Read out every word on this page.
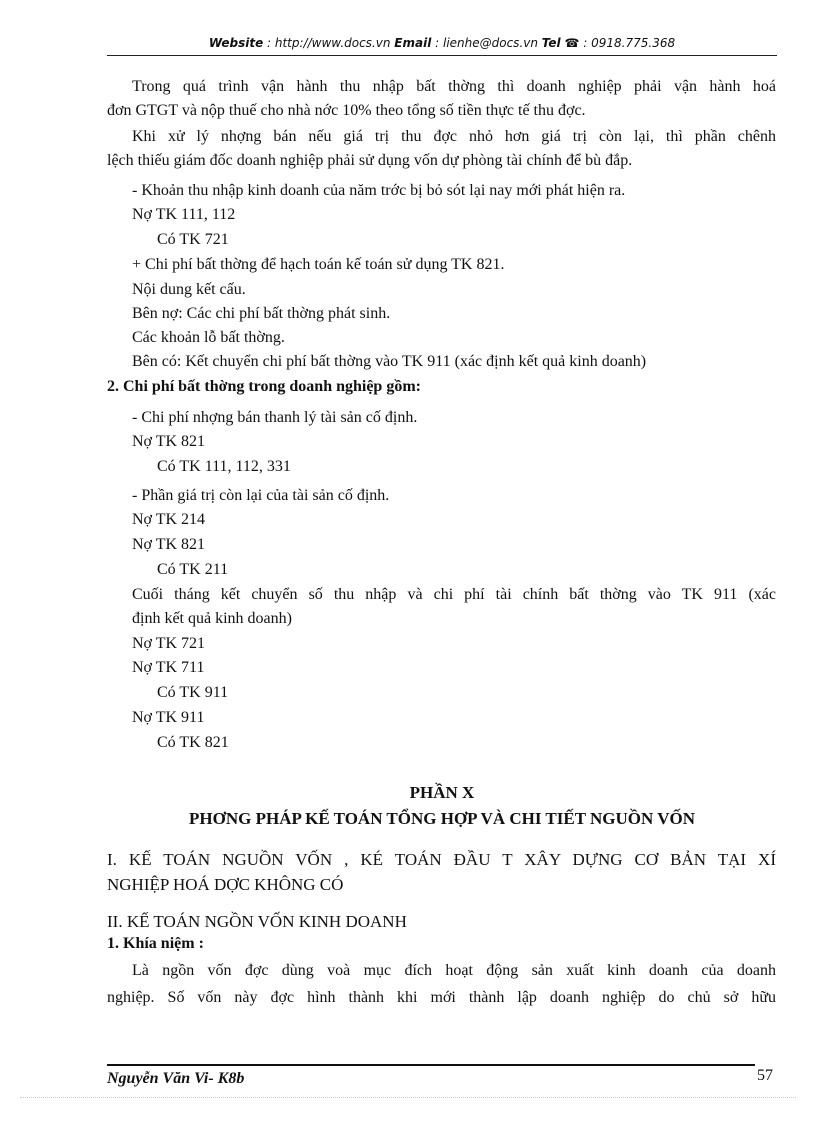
Website : http://www.docs.vn Email : lienhe@docs.vn Tel ☎ : 0918.775.368
Trong quá trình vận hành thu nhập bất thờng thì doanh nghiệp phải vận hành hoá
đơn GTGT và nộp thuế cho nhà nớc 10% theo tổng số tiền thực tế thu đợc.
Khi xử lý nhợng bán nếu giá trị thu đợc nhỏ hơn giá trị còn lại, thì phần chênh
lệch thiếu giám đốc doanh nghiệp phải sử dụng vốn dự phòng tài chính để bù đắp.
- Khoản thu nhập kinh doanh của năm trớc bị bỏ sót lại nay mới phát hiện ra.
Nợ TK 111, 112
Có TK 721
+ Chi phí bất thờng để hạch toán kế toán sử dụng TK 821.
Nội dung kết cấu.
Bên nợ: Các chi phí bất thờng phát sinh.
Các khoản lỗ bất thờng.
Bên có: Kết chuyển chi phí bất thờng vào TK 911 (xác định kết quả kinh doanh)
2. Chi phí bất thờng trong doanh nghiệp gồm:
- Chi phí nhợng bán thanh lý tài sản cố định.
Nợ TK 821
Có TK 111, 112, 331
- Phần giá trị còn lại của tài sản cố định.
Nợ TK 214
Nợ TK 821
Có TK 211
Cuối tháng kết chuyển số thu nhập và chi phí tài chính bất thờng vào TK 911 (xác
định kết quả kinh doanh)
Nợ TK 721
Nợ TK 711
Có TK 911
Nợ TK 911
Có TK 821
PHẦN X
PHƠNG PHÁP KẾ TOÁN TỔNG HỢP VÀ CHI TIẾT NGUỒN VỐN
I. KẾ TOÁN NGUỒN VỐN , KÉ TOÁN ĐẦU T XÂY DỰNG CƠ BẢN TẠI XÍ
NGHIỆP HOÁ DỢC KHÔNG CÓ
II. KẾ TOÁN NGỒN VỐN KINH DOANH
1. Khía niệm :
Là ngồn vốn đợc dùng voà mục đích hoạt động sản xuất kinh doanh của doanh
nghiệp. Số vốn này đợc hình thành khi mới thành lập doanh nghiệp do chủ sở hữu
Nguyễn Văn Vi- K8b	57
